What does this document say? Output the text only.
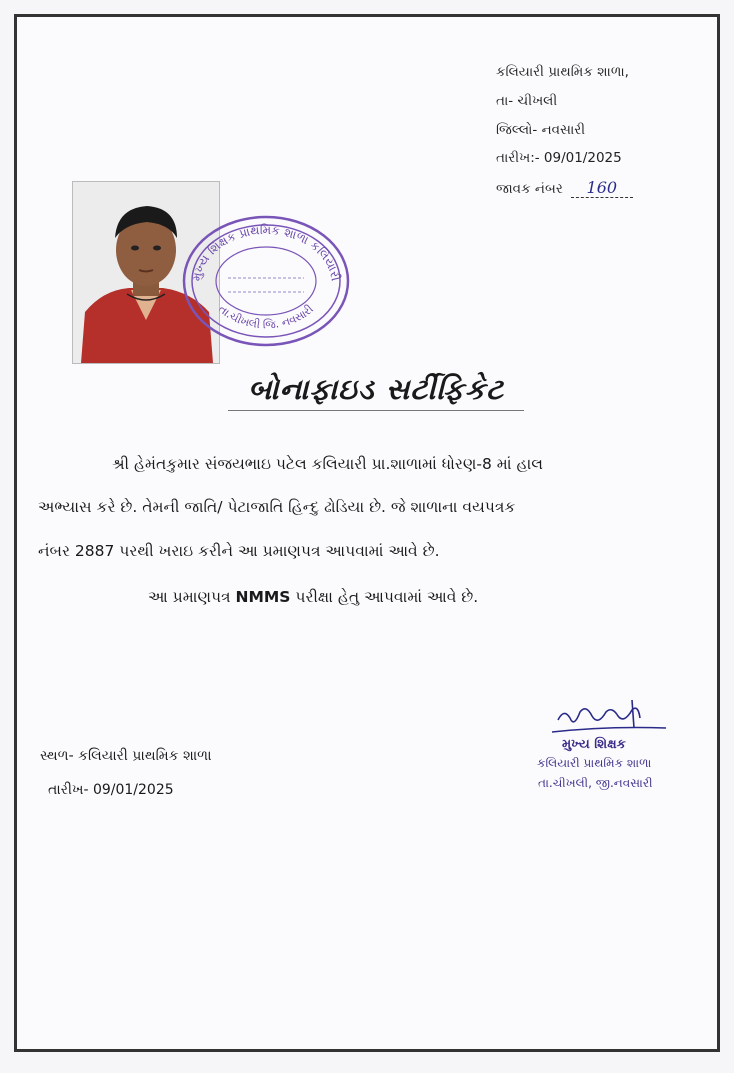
કલિયારી પ્રાથમિક શાળા,
તા- ચીખલી
જિલ્લો- નવસારી
તારીખ:- 09/01/2025
જાવક નંબર 160
મુખ્ય શિક્ષક પ્રાથમિક શાળા કલિયારી
તા.ચીખલી જિ. નવસારી
બોનાફાઇડ સર્ટીફિકેટ
શ્રી હેમંતકુમાર સંજયભાઇ પટેલ કલિયારી પ્રા.શાળામાં ધોરણ-8 માં હાલ
અભ્યાસ કરે છે. તેમની જાતિ/ પેટાજાતિ હિન્દુ ઢોડિયા છે. જે શાળાના વયપત્રક
નંબર 2887 પરથી ખરાઇ કરીને આ પ્રમાણપત્ર આપવામાં આવે છે.
આ પ્રમાણપત્ર NMMS પરીક્ષા હેતુ આપવામાં આવે છે.
મુખ્ય શિક્ષક
કલિયારી પ્રાથમિક શાળા
તા.ચીખલી, જી.નવસારી
સ્થળ- કલિયારી પ્રાથમિક શાળા
તારીખ- 09/01/2025
